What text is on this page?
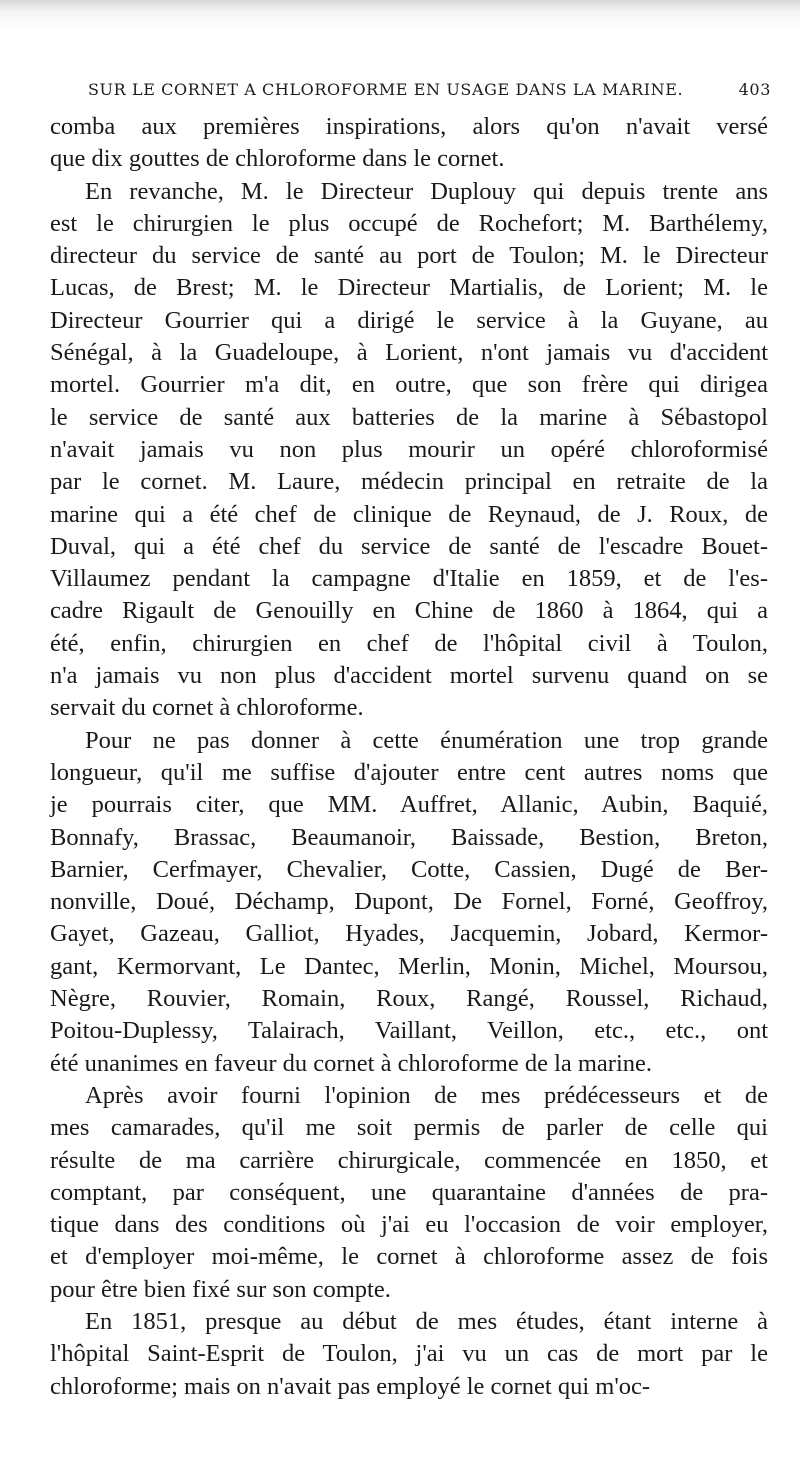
SUR LE CORNET A CHLOROFORME EN USAGE DANS LA MARINE.	403
comba aux premières inspirations, alors qu'on n'avait versé
que dix gouttes de chloroforme dans le cornet.
En revanche, M. le Directeur Duplouy qui depuis trente ans
est le chirurgien le plus occupé de Rochefort; M. Barthélemy,
directeur du service de santé au port de Toulon; M. le Directeur
Lucas, de Brest; M. le Directeur Martialis, de Lorient; M. le
Directeur Gourrier qui a dirigé le service à la Guyane, au
Sénégal, à la Guadeloupe, à Lorient, n'ont jamais vu d'accident
mortel. Gourrier m'a dit, en outre, que son frère qui dirigea
le service de santé aux batteries de la marine à Sébastopol
n'avait jamais vu non plus mourir un opéré chloroformisé
par le cornet. M. Laure, médecin principal en retraite de la
marine qui a été chef de clinique de Reynaud, de J. Roux, de
Duval, qui a été chef du service de santé de l'escadre Bouet-
Villaumez pendant la campagne d'Italie en 1859, et de l'es-
cadre Rigault de Genouilly en Chine de 1860 à 1864, qui a
été, enfin, chirurgien en chef de l'hôpital civil à Toulon,
n'a jamais vu non plus d'accident mortel survenu quand on se
servait du cornet à chloroforme.
Pour ne pas donner à cette énumération une trop grande
longueur, qu'il me suffise d'ajouter entre cent autres noms que
je pourrais citer, que MM. Auffret, Allanic, Aubin, Baquié,
Bonnafy, Brassac, Beaumanoir, Baissade, Bestion, Breton,
Barnier, Cerfmayer, Chevalier, Cotte, Cassien, Dugé de Ber-
nonville, Doué, Déchamp, Dupont, De Fornel, Forné, Geoffroy,
Gayet, Gazeau, Galliot, Hyades, Jacquemin, Jobard, Kermor-
gant, Kermorvant, Le Dantec, Merlin, Monin, Michel, Moursou,
Nègre, Rouvier, Romain, Roux, Rangé, Roussel, Richaud,
Poitou-Duplessy, Talairach, Vaillant, Veillon, etc., etc., ont
été unanimes en faveur du cornet à chloroforme de la marine.
Après avoir fourni l'opinion de mes prédécesseurs et de
mes camarades, qu'il me soit permis de parler de celle qui
résulte de ma carrière chirurgicale, commencée en 1850, et
comptant, par conséquent, une quarantaine d'années de pra-
tique dans des conditions où j'ai eu l'occasion de voir employer,
et d'employer moi-même, le cornet à chloroforme assez de fois
pour être bien fixé sur son compte.
En 1851, presque au début de mes études, étant interne à
l'hôpital Saint-Esprit de Toulon, j'ai vu un cas de mort par le
chloroforme; mais on n'avait pas employé le cornet qui m'oc-
